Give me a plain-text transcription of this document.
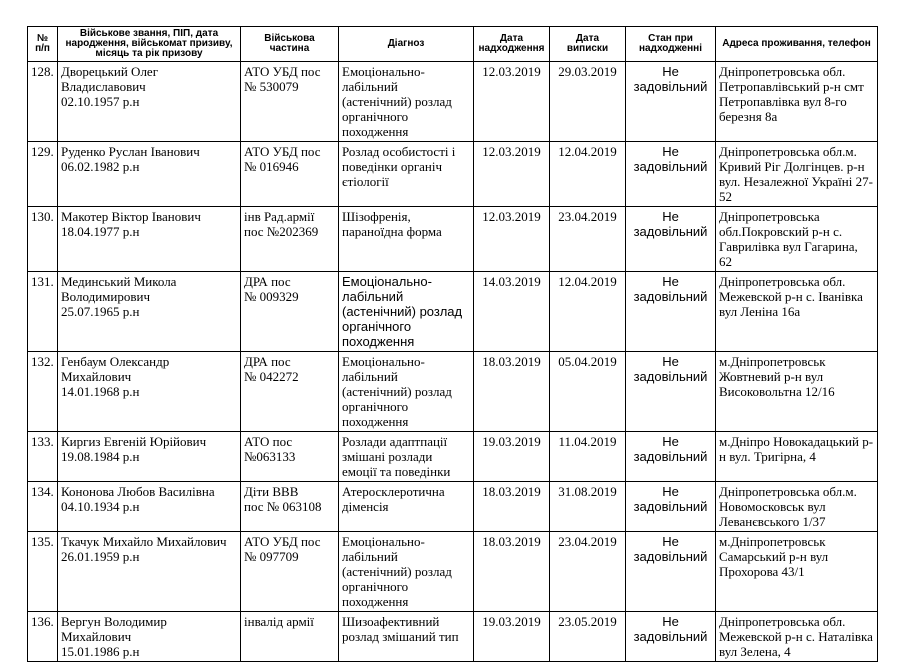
№
п/п	Військове звання, ПІП, дата народження, військомат призиву, місяць та рік призову	Військова
частина	Діагноз	Дата
надходження	Дата
виписки	Стан при
надходженні	Адреса проживання, телефон
128.	Дворецький Олег
Владиславович
02.10.1957 р.н	АТО УБД пос
№ 530079	Емоціонально-
лабільний
(астенічний) розлад
органічного
походження	12.03.2019	29.03.2019	Не
задовільний	Дніпропетровська обл.
Петропавлівський р-н смт
Петропавлівка вул 8-го
березня 8а
129.	Руденко Руслан Іванович
06.02.1982 р.н	АТО УБД пос
№ 016946	Розлад особистості і
поведінки органіч
єтіології	12.03.2019	12.04.2019	Не
задовільний	Дніпропетровська обл.м.
Кривий Ріг Долгінцев. р-н
вул. Незалежної Україні 27-
52
130.	Макотер Віктор Іванович
18.04.1977 р.н	інв Рад.армії
пос №202369	Шізофренія,
параноїдна форма	12.03.2019	23.04.2019	Не
задовільний	Дніпропетровська
обл.Покровский р-н с.
Гаврилівка вул Гагарина, 62
131.	Мединський Микола
Володимирович
25.07.1965 р.н	ДРА пос
№ 009329	Емоціонально-лабільний
(астенічний) розлад
органічного походження	14.03.2019	12.04.2019	Не
задовільний	Дніпропетровська обл.
Межевской р-н с. Іванівка
вул Леніна 16а
132.	Генбаум Олександр
Михайлович
14.01.1968 р.н	ДРА пос
№ 042272	Емоціонально-
лабільний
(астенічний) розлад
органічного
походження	18.03.2019	05.04.2019	Не
задовільний	м.Дніпропетровськ
Жовтневий р-н вул
Високовольтна 12/16
133.	Киргиз Евгеній Юрійович
19.08.1984 р.н	АТО пос
№063133	Розлади адаптпації
змішані розлади
емоції та поведінки	19.03.2019	11.04.2019	Не
задовільний	м.Дніпро Новокадацький р-
н вул. Тригірна, 4
134.	Кононова Любов Василівна
04.10.1934 р.н	Діти ВВВ
пос № 063108	Атеросклеротична
діменсія	18.03.2019	31.08.2019	Не
задовільний	Дніпропетровська обл.м.
Новомосковськ вул
Леванєвського 1/37
135.	Ткачук Михайло Михайлович
26.01.1959 р.н	АТО УБД пос
№ 097709	Емоціонально-
лабільний
(астенічний) розлад
органічного
походження	18.03.2019	23.04.2019	Не
задовільний	м.Дніпропетровськ
Самарський р-н вул
Прохорова 43/1
136.	Вергун Володимир
Михайлович
15.01.1986 р.н	інвалід армії	Шизоафективний
розлад змішаний тип	19.03.2019	23.05.2019	Не
задовільний	Дніпропетровська обл.
Межевской р-н с. Наталівка
вул Зелена, 4
